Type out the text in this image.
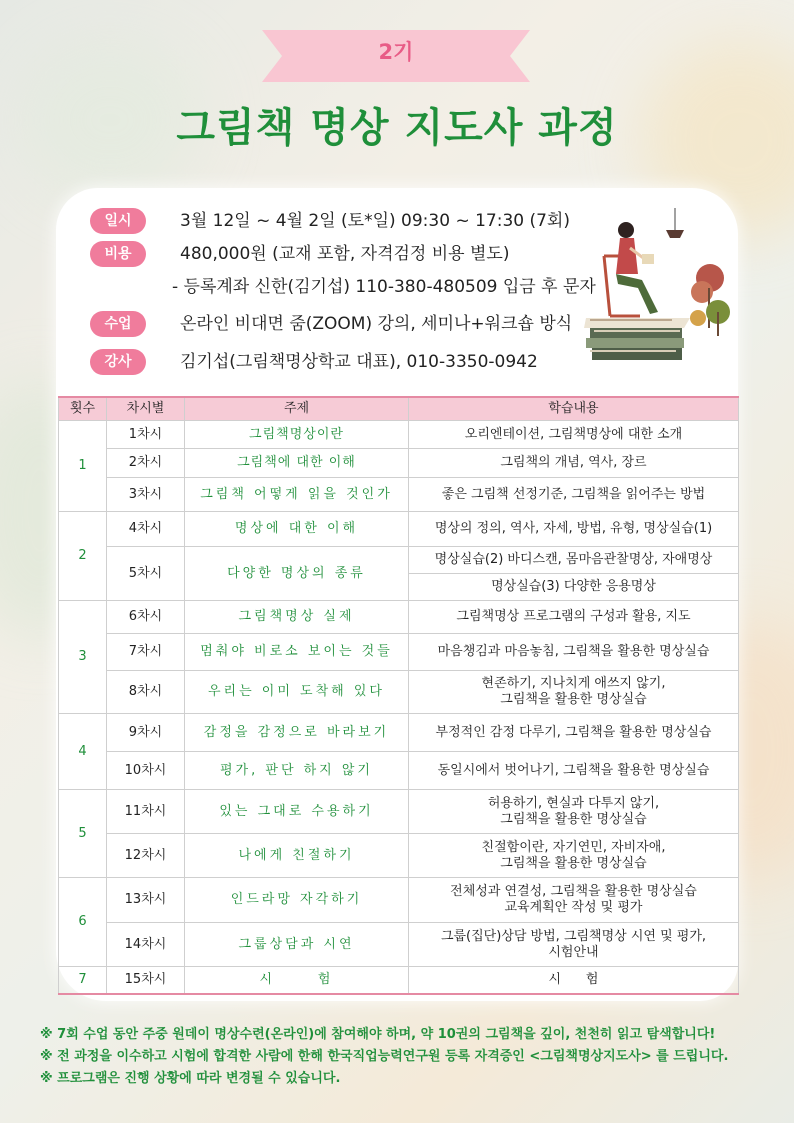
2기
그림책 명상 지도사 과정
일시	3월 12일 ~ 4월 2일 (토*일) 09:30 ~ 17:30 (7회)
비용	480,000원 (교재 포함, 자격검정 비용 별도)
- 등록계좌 신한(김기섭) 110-380-480509 입금 후 문자
수업	온라인 비대면 줌(ZOOM) 강의, 세미나+워크숍 방식
강사	김기섭(그림책명상학교 대표), 010-3350-0942
횟수	차시별	주제	학습내용
1	1차시	그림책명상이란	오리엔테이션, 그림책명상에 대한 소개
	2차시	그림책에 대한 이해	그림책의 개념, 역사, 장르
	3차시	그림책 어떻게 읽을 것인가	좋은 그림책 선정기준, 그림책을 읽어주는 방법
2	4차시	명상에 대한 이해	명상의 정의, 역사, 자세, 방법, 유형, 명상실습(1)
	5차시	다양한 명상의 종류	명상실습(2) 바디스캔, 몸마음관찰명상, 자애명상
			명상실습(3) 다양한 응용명상
3	6차시	그림책명상 실제	그림책명상 프로그램의 구성과 활용, 지도
	7차시	멈춰야 비로소 보이는 것들	마음챙김과 마음놓침, 그림책을 활용한 명상실습
	8차시	우리는 이미 도착해 있다	현존하기, 지나치게 애쓰지 않기,
그림책을 활용한 명상실습

4	9차시	감정을 감정으로 바라보기	부정적인 감정 다루기, 그림책을 활용한 명상실습
	10차시	평가, 판단 하지 않기	동일시에서 벗어나기, 그림책을 활용한 명상실습
5	11차시	있는 그대로 수용하기	허용하기, 현실과 다투지 않기,
그림책을 활용한 명상실습

	12차시	나에게 친절하기	친절함이란, 자기연민, 자비자애,
그림책을 활용한 명상실습

6	13차시	인드라망 자각하기	전체성과 연결성, 그림책을 활용한 명상실습
교육계획안 작성 및 평가

	14차시	그룹상담과 시연	그룹(집단)상담 방법, 그림책명상 시연 및 평가,
시험안내

7	15차시	시      험	시      험
※ 7회 수업 동안 주중 원데이 명상수련(온라인)에 참여해야 하며, 약 10권의 그림책을 깊이, 천천히 읽고 탐색합니다!
※ 전 과정을 이수하고 시험에 합격한 사람에 한해 한국직업능력연구원 등록 자격증인 <그림책명상지도사> 를 드립니다.
※ 프로그램은 진행 상황에 따라 변경될 수 있습니다.
